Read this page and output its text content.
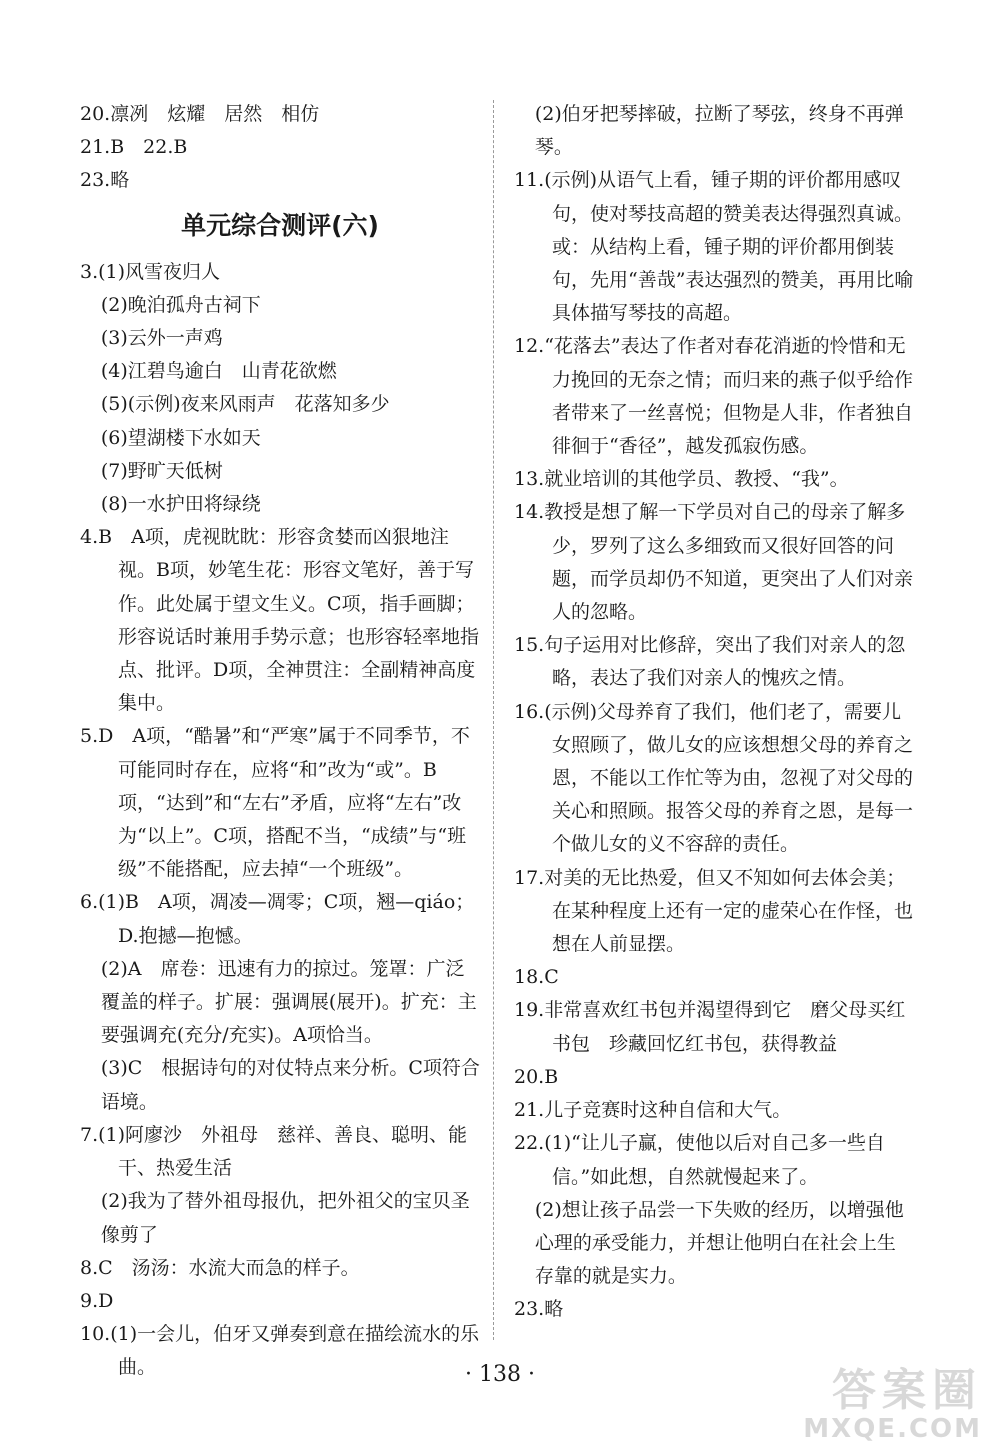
20.凛冽　炫耀　居然　相仿

21.B　22.B

23.略

单元综合测评(六)

3.(1)风雪夜归人

(2)晚泊孤舟古祠下

(3)云外一声鸡

(4)江碧鸟逾白　山青花欲燃

(5)(示例)夜来风雨声　花落知多少

(6)望湖楼下水如天

(7)野旷天低树

(8)一水护田将绿绕

4.B　A项，虎视眈眈：形容贪婪而凶狠地注视。B项，妙笔生花：形容文笔好，善于写作。此处属于望文生义。C项，指手画脚；形容说话时兼用手势示意；也形容轻率地指点、批评。D项，全神贯注：全副精神高度集中。

5.D　A项，“酷暑”和“严寒”属于不同季节，不可能同时存在，应将“和”改为“或”。B项，“达到”和“左右”矛盾，应将“左右”改为“以上”。C项，搭配不当，“成绩”与“班级”不能搭配，应去掉“一个班级”。

6.(1)B　A项，凋凌—凋零；C项，翘—qiáo；D.抱撼—抱憾。

(2)A　席卷：迅速有力的掠过。笼罩：广泛覆盖的样子。扩展：强调展(展开)。扩充：主要强调充(充分/充实)。A项恰当。

(3)C　根据诗句的对仗特点来分析。C项符合语境。

7.(1)阿廖沙　外祖母　慈祥、善良、聪明、能干、热爱生活

(2)我为了替外祖母报仇，把外祖父的宝贝圣像剪了

8.C　汤汤：水流大而急的样子。

9.D

10.(1)一会儿，伯牙又弹奏到意在描绘流水的乐曲。

(2)伯牙把琴摔破，拉断了琴弦，终身不再弹琴。

11.(示例)从语气上看，锺子期的评价都用感叹句，使对琴技高超的赞美表达得强烈真诚。或：从结构上看，锺子期的评价都用倒装句，先用“善哉”表达强烈的赞美，再用比喻具体描写琴技的高超。

12.“花落去”表达了作者对春花消逝的怜惜和无力挽回的无奈之情；而归来的燕子似乎给作者带来了一丝喜悦；但物是人非，作者独自徘徊于“香径”，越发孤寂伤感。

13.就业培训的其他学员、教授、“我”。

14.教授是想了解一下学员对自己的母亲了解多少，罗列了这么多细致而又很好回答的问题，而学员却仍不知道，更突出了人们对亲人的忽略。

15.句子运用对比修辞，突出了我们对亲人的忽略，表达了我们对亲人的愧疚之情。

16.(示例)父母养育了我们，他们老了，需要儿女照顾了，做儿女的应该想想父母的养育之恩，不能以工作忙等为由，忽视了对父母的关心和照顾。报答父母的养育之恩，是每一个做儿女的义不容辞的责任。

17.对美的无比热爱，但又不知如何去体会美；在某种程度上还有一定的虚荣心在作怪，也想在人前显摆。

18.C

19.非常喜欢红书包并渴望得到它　磨父母买红书包　珍藏回忆红书包，获得教益

20.B

21.儿子竞赛时这种自信和大气。

22.(1)“让儿子赢，使他以后对自己多一些自信。”如此想，自然就慢起来了。

(2)想让孩子品尝一下失败的经历，以增强他心理的承受能力，并想让他明白在社会上生存靠的就是实力。

23.略

· 138 ·	答案圈
MXQE.COM
